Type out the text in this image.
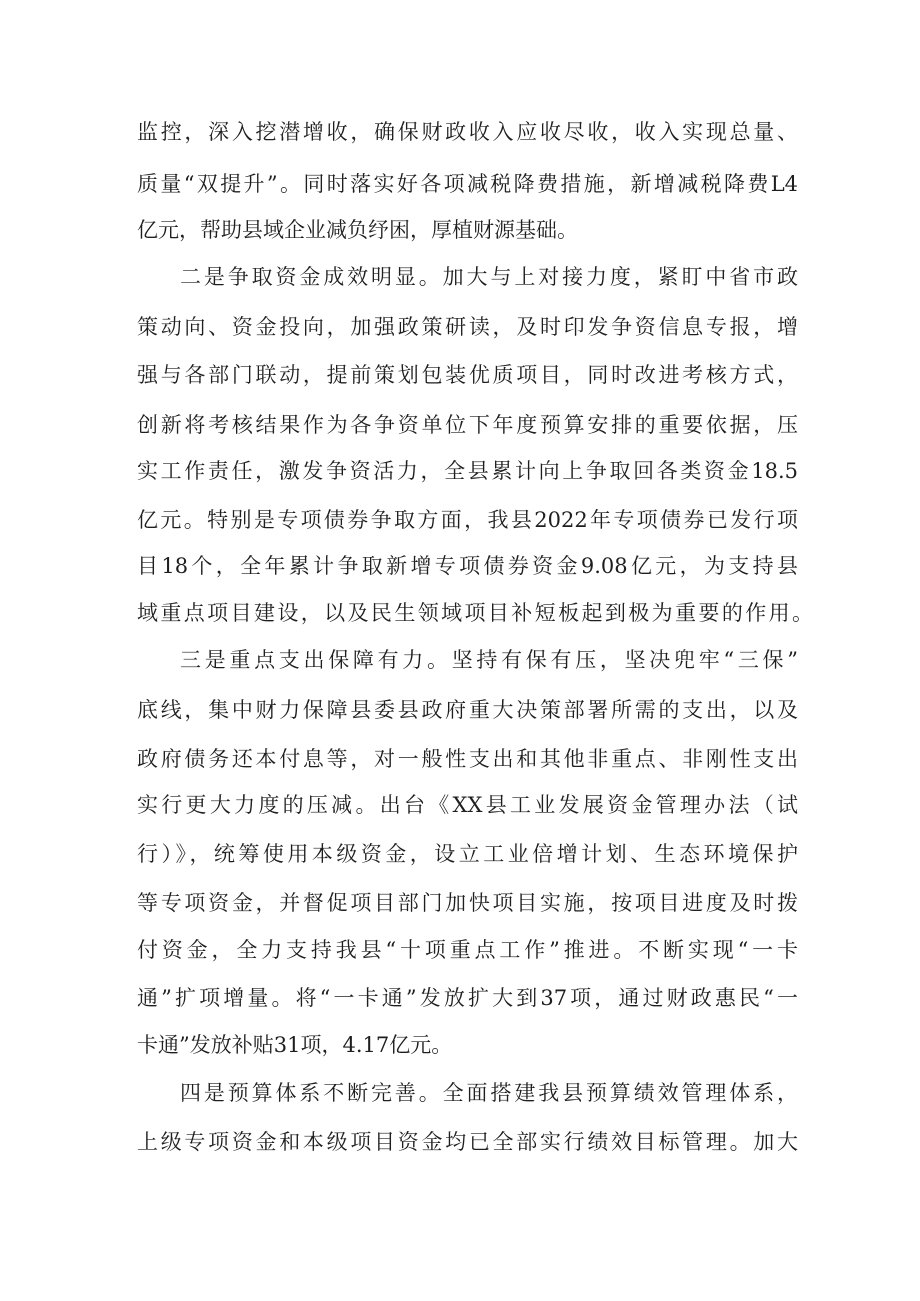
监控，深入挖潜增收，确保财政收入应收尽收，收入实现总量、
质量“双提升”。同时落实好各项减税降费措施，新增减税降费L4
亿元，帮助县域企业减负纾困，厚植财源基础。
二是争取资金成效明显。加大与上对接力度，紧盯中省市政
策动向、资金投向，加强政策研读，及时印发争资信息专报，增
强与各部门联动，提前策划包装优质项目，同时改进考核方式，
创新将考核结果作为各争资单位下年度预算安排的重要依据，压
实工作责任，激发争资活力，全县累计向上争取回各类资金18.5
亿元。特别是专项债券争取方面，我县2022年专项债券已发行项
目18个，全年累计争取新增专项债券资金9.08亿元，为支持县
域重点项目建设，以及民生领域项目补短板起到极为重要的作用。
三是重点支出保障有力。坚持有保有压，坚决兜牢“三保”
底线，集中财力保障县委县政府重大决策部署所需的支出，以及
政府债务还本付息等，对一般性支出和其他非重点、非刚性支出
实行更大力度的压减。出台《XX县工业发展资金管理办法（试
行）》，统筹使用本级资金，设立工业倍增计划、生态环境保护
等专项资金，并督促项目部门加快项目实施，按项目进度及时拨
付资金，全力支持我县“十项重点工作”推进。不断实现“一卡
通”扩项增量。将“一卡通”发放扩大到37项，通过财政惠民“一
卡通”发放补贴31项，4.17亿元。
四是预算体系不断完善。全面搭建我县预算绩效管理体系，
上级专项资金和本级项目资金均已全部实行绩效目标管理。加大
